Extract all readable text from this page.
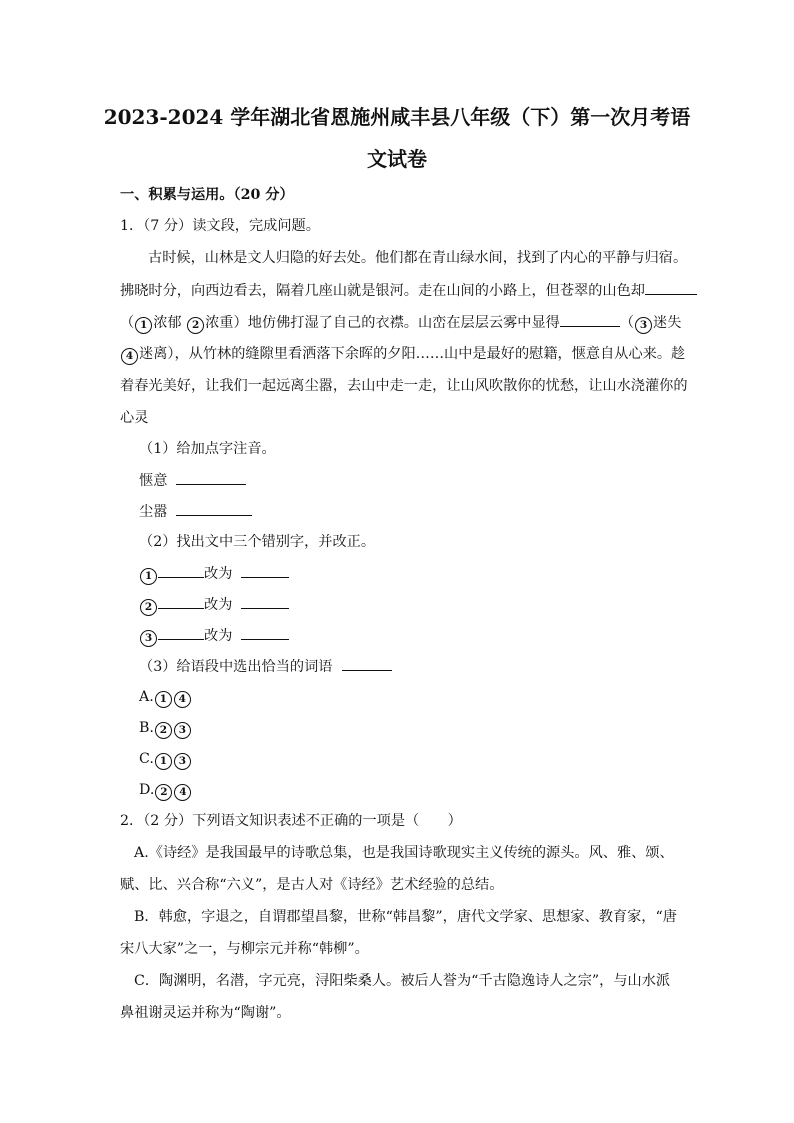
2023-2024 学年湖北省恩施州咸丰县八年级（下）第一次月考语
文试卷
一、积累与运用。（20 分）
1．（7 分）读文段，完成问题。
古时候，山林是文人归隐的好去处。他们都在青山绿水间，找到了内心的平静与归宿。
拂晓时分，向西边看去，隔着几座山就是银河。走在山间的小路上，但苍翠的山色却
（ 1 浓郁 2 浓重）地仿佛打湿了自己的衣襟。山峦在层层云雾中显得	（ 3 迷失
4 迷离），从竹林的缝隙里看洒落下余晖的夕阳……山中是最好的慰籍，惬意自从心来。趁
着春光美好，让我们一起远离尘嚣，去山中走一走，让山风吹散你的忧愁，让山水浇灌你的
心灵
（1）给加点字注音。
惬意
尘嚣
（2）找出文中三个错别字，并改正。
1	改为
2	改为
3	改为
（3）给语段中选出恰当的词语
A. 1 4
B. 2 3
C. 1 3
D. 2 4
2．（2 分）下列语文知识表述不正确的一项是（　　）
A.《诗经》是我国最早的诗歌总集，也是我国诗歌现实主义传统的源头。风、雅、颂、
赋、比、兴合称“六义”，是古人对《诗经》艺术经验的总结。
B．韩愈，字退之，自谓郡望昌黎，世称“韩昌黎”，唐代文学家、思想家、教育家，“唐
宋八大家”之一，与柳宗元并称“韩柳”。
C．陶渊明，名潜，字元亮，浔阳柴桑人。被后人誉为“千古隐逸诗人之宗”，与山水派
鼻祖谢灵运并称为“陶谢”。
